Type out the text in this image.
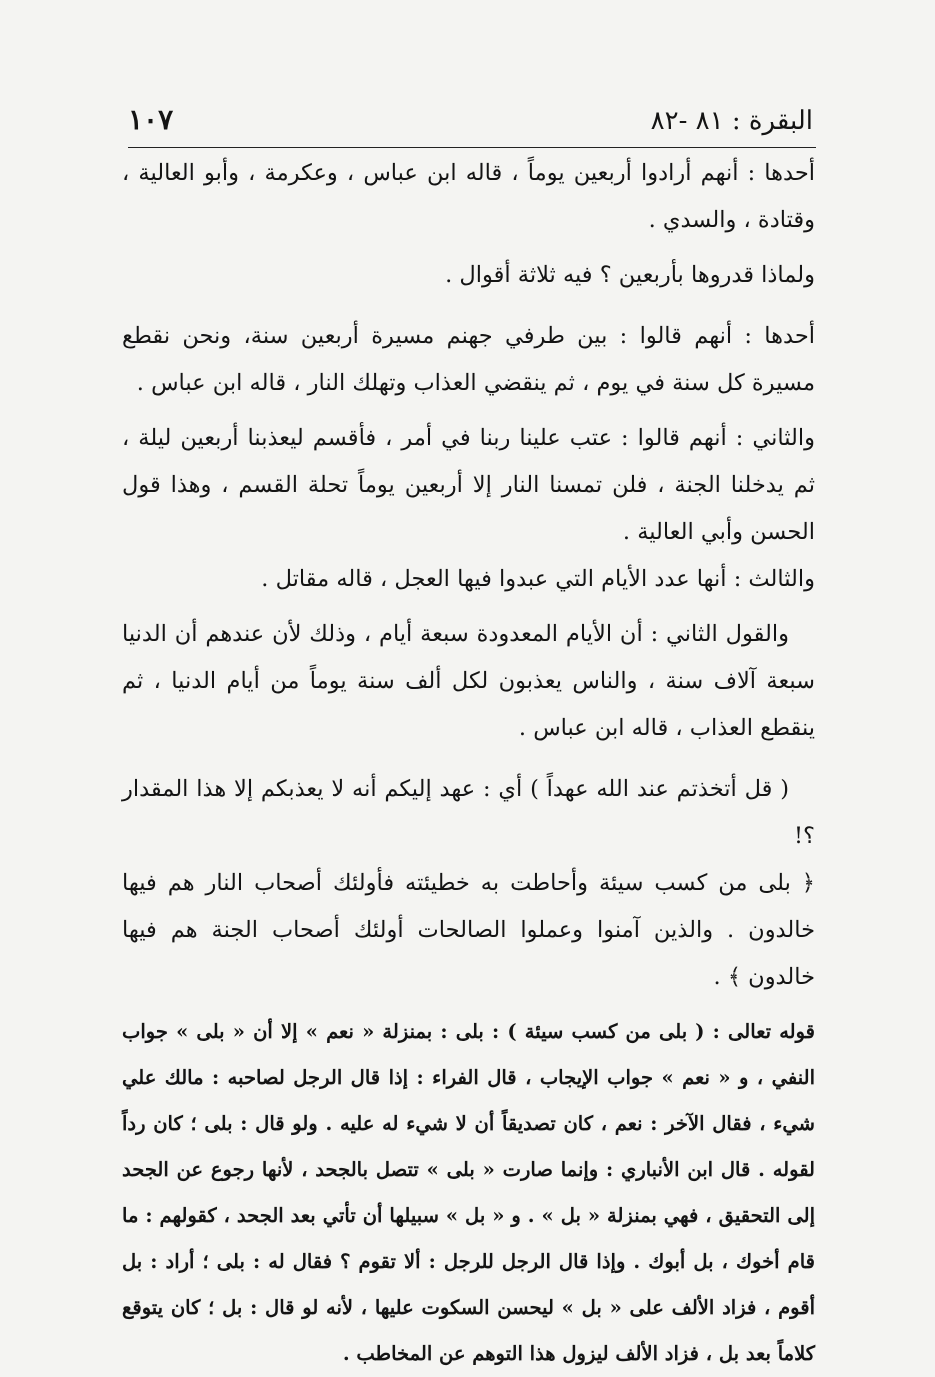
١٠٧	البقرة : ٨١ -٨٢

أحدها : أنهم أرادوا أربعين يوماً ، قاله ابن عباس ، وعكرمة ، وأبو العالية ، وقتادة ، والسدي .

ولماذا قدروها بأربعين ؟ فيه ثلاثة أقوال .

أحدها : أنهم قالوا : بين طرفي جهنم مسيرة أربعين سنة، ونحن نقطع مسيرة كل سنة في يوم ، ثم ينقضي العذاب وتهلك النار ، قاله ابن عباس .

والثاني : أنهم قالوا : عتب علينا ربنا في أمر ، فأقسم ليعذبنا أربعين ليلة ، ثم يدخلنا الجنة ، فلن تمسنا النار إلا أربعين يوماً تحلة القسم ، وهذا قول الحسن وأبي العالية .

والثالث : أنها عدد الأيام التي عبدوا فيها العجل ، قاله مقاتل .

والقول الثاني : أن الأيام المعدودة سبعة أيام ، وذلك لأن عندهم أن الدنيا سبعة آلاف سنة ، والناس يعذبون لكل ألف سنة يوماً من أيام الدنيا ، ثم ينقطع العذاب ، قاله ابن عباس .

( قل أتخذتم عند الله عهداً ) أي : عهد إليكم أنه لا يعذبكم إلا هذا المقدار ؟!

﴿ بلى من كسب سيئة وأحاطت به خطيئته فأولئك أصحاب النار هم فيها خالدون . والذين آمنوا وعملوا الصالحات أولئك أصحاب الجنة هم فيها خالدون ﴾ .

قوله تعالى : ( بلى من كسب سيئة ) : بلى : بمنزلة « نعم » إلا أن « بلى » جواب النفي ، و « نعم » جواب الإيجاب ، قال الفراء : إذا قال الرجل لصاحبه : مالك علي شيء ، فقال الآخر : نعم ، كان تصديقاً أن لا شيء له عليه . ولو قال : بلى ؛ كان رداً لقوله . قال ابن الأنباري : وإنما صارت « بلى » تتصل بالجحد ، لأنها رجوع عن الجحد إلى التحقيق ، فهي بمنزلة « بل » . و « بل » سبيلها أن تأتي بعد الجحد ، كقولهم : ما قام أخوك ، بل أبوك . وإذا قال الرجل للرجل : ألا تقوم ؟ فقال له : بلى ؛ أراد : بل أقوم ، فزاد الألف على « بل » ليحسن السكوت عليها ، لأنه لو قال : بل ؛ كان يتوقع كلاماً بعد بل ، فزاد الألف ليزول هذا التوهم عن المخاطب .
